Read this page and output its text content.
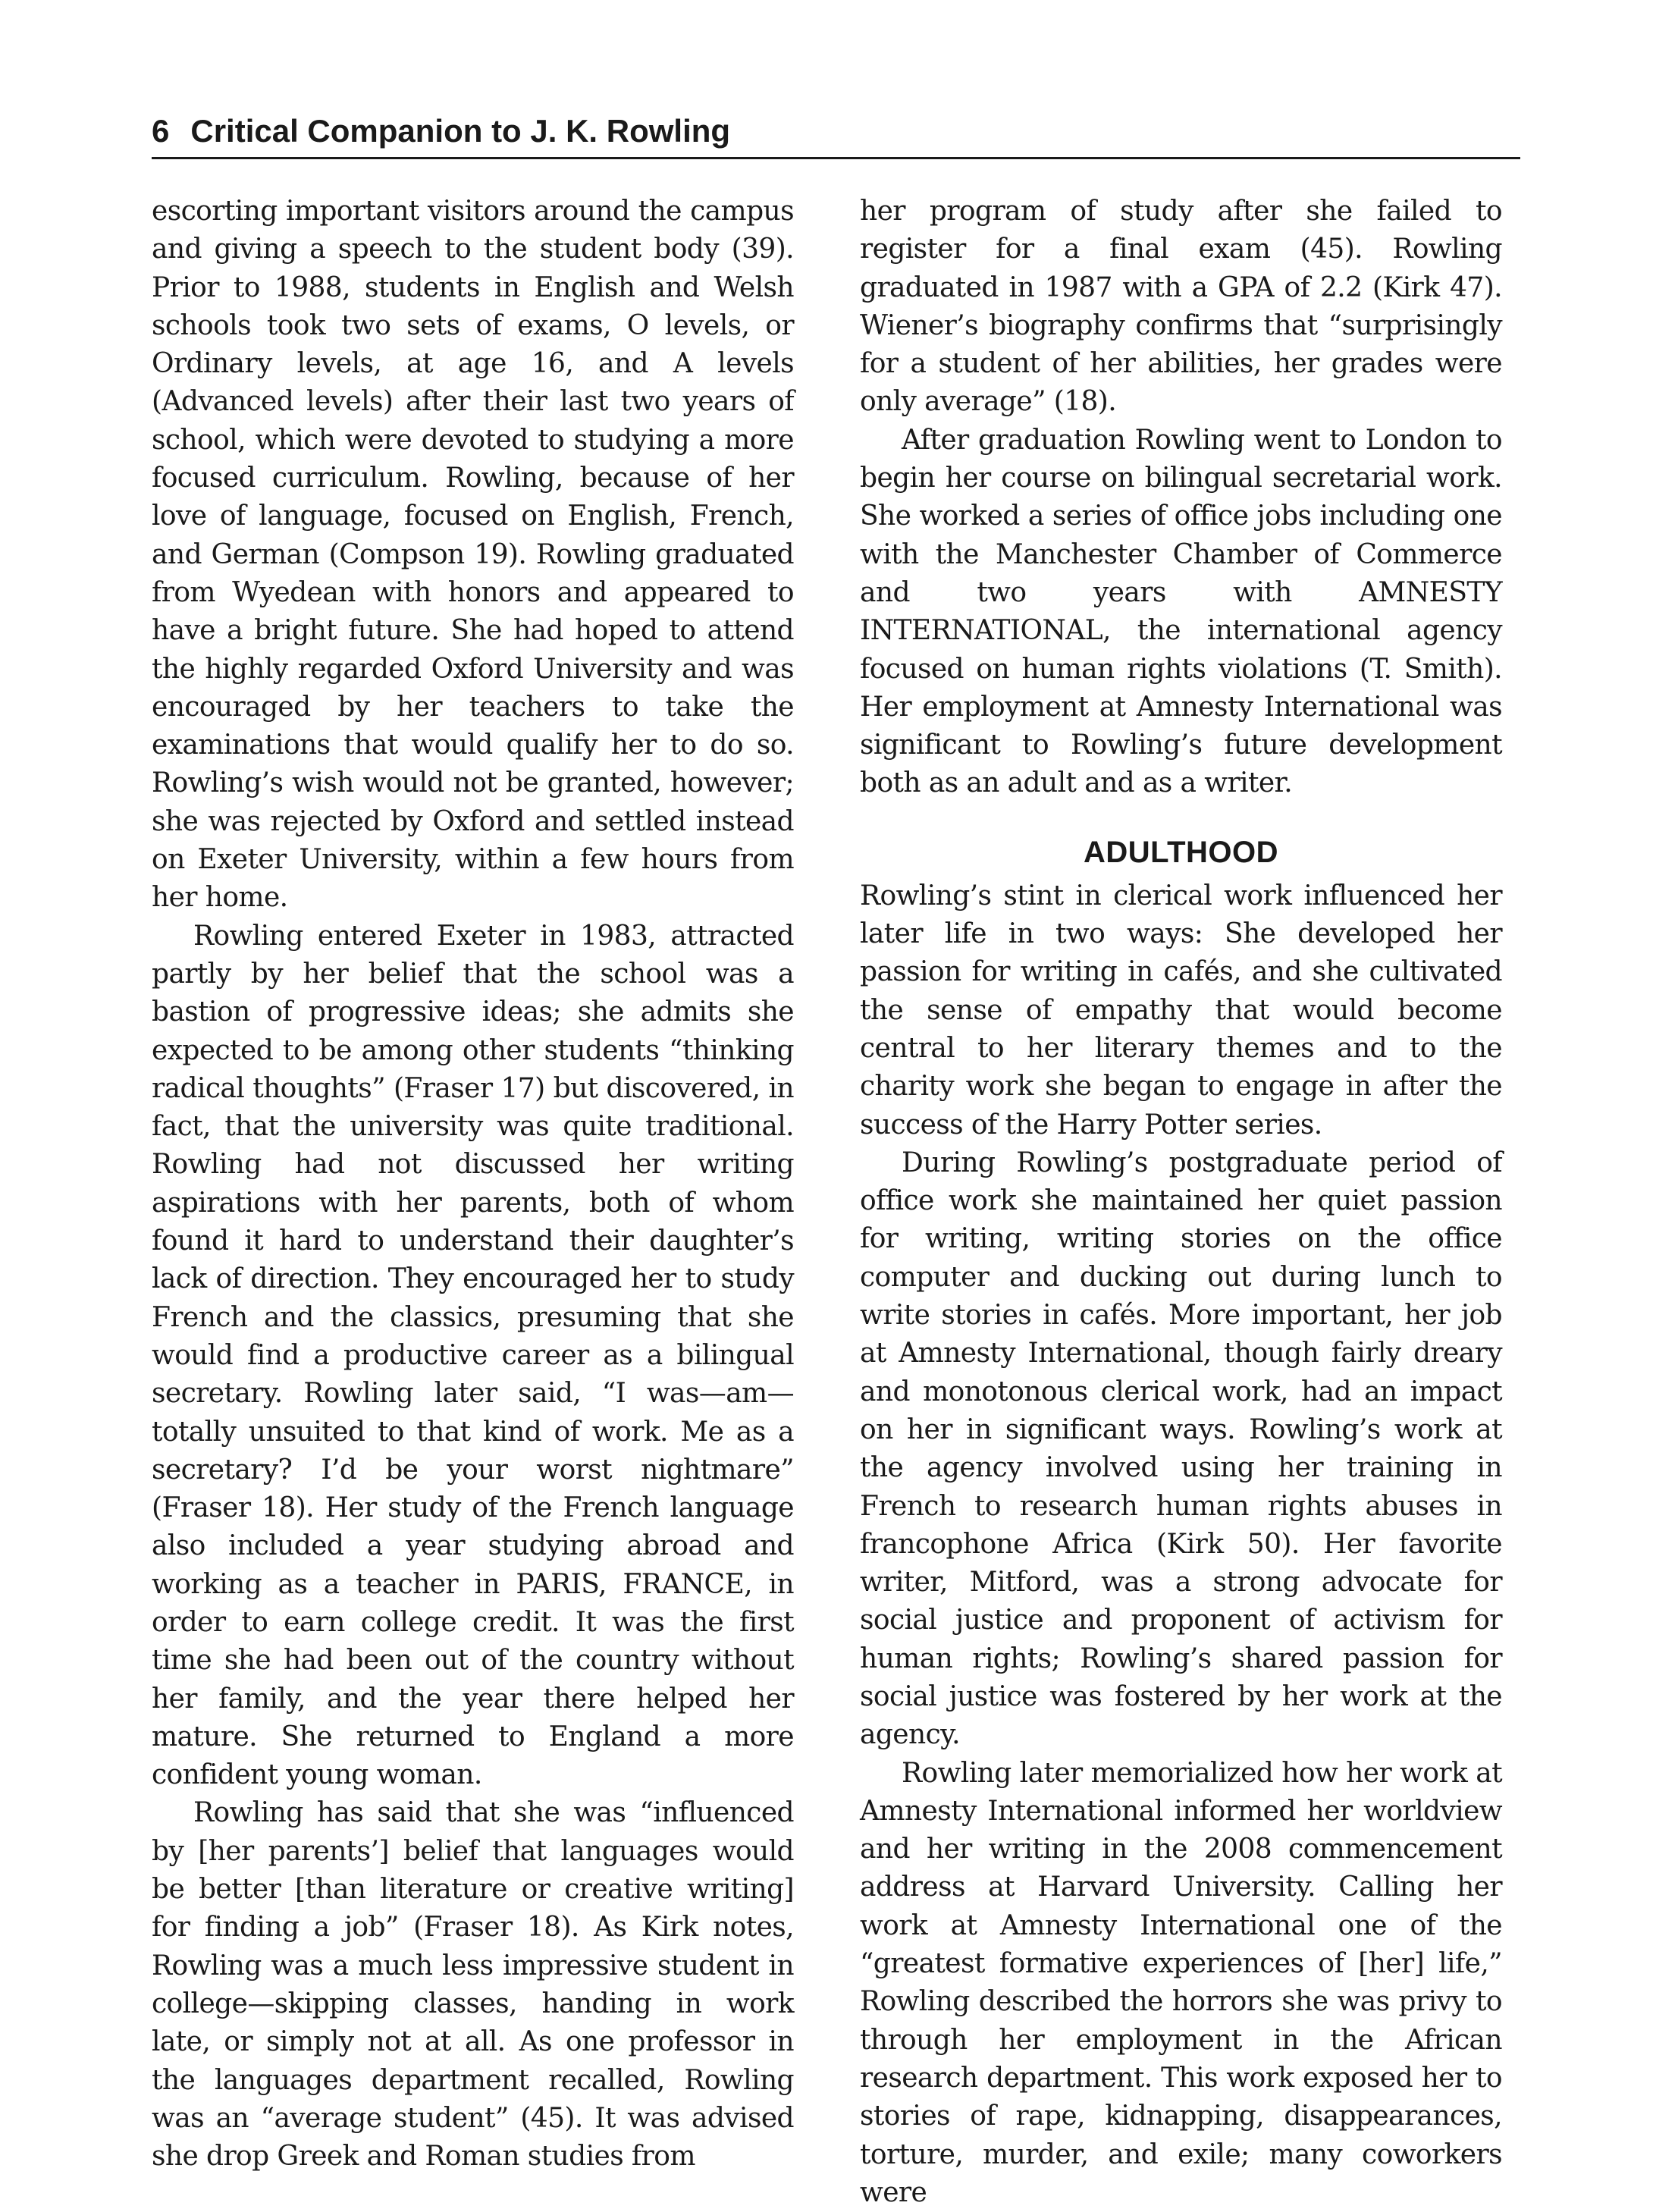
6 Critical Companion to J. K. Rowling

escorting important visitors around the campus and giving a speech to the student body (39). Prior to 1988, students in English and Welsh schools took two sets of exams, O levels, or Ordinary levels, at age 16, and A levels (Advanced levels) after their last two years of school, which were devoted to studying a more focused curriculum. Rowling, because of her love of language, focused on English, French, and German (Compson 19). Rowling graduated from Wyedean with honors and appeared to have a bright future. She had hoped to attend the highly regarded Oxford University and was encouraged by her teachers to take the examinations that would qualify her to do so. Rowling’s wish would not be granted, however; she was rejected by Oxford and settled instead on Exeter University, within a few hours from her home.

Rowling entered Exeter in 1983, attracted partly by her belief that the school was a bastion of progressive ideas; she admits she expected to be among other students “thinking radical thoughts” (Fraser 17) but discovered, in fact, that the university was quite traditional. Rowling had not discussed her writing aspirations with her parents, both of whom found it hard to understand their daughter’s lack of direction. They encouraged her to study French and the classics, presuming that she would find a productive career as a bilingual secretary. Rowling later said, “I was—am—totally unsuited to that kind of work. Me as a secretary? I’d be your worst nightmare” (Fraser 18). Her study of the French language also included a year studying abroad and working as a teacher in PARIS, FRANCE, in order to earn college credit. It was the first time she had been out of the country without her family, and the year there helped her mature. She returned to England a more confident young woman.

Rowling has said that she was “influenced by [her parents’] belief that languages would be better [than literature or creative writing] for finding a job” (Fraser 18). As Kirk notes, Rowling was a much less impressive student in college—skipping classes, handing in work late, or simply not at all. As one professor in the languages department recalled, Rowling was an “average student” (45). It was advised she drop Greek and Roman studies from

her program of study after she failed to register for a final exam (45). Rowling graduated in 1987 with a GPA of 2.2 (Kirk 47). Wiener’s biography confirms that “surprisingly for a student of her abilities, her grades were only average” (18).

After graduation Rowling went to London to begin her course on bilingual secretarial work. She worked a series of office jobs including one with the Manchester Chamber of Commerce and two years with AMNESTY INTERNATIONAL, the international agency focused on human rights violations (T. Smith). Her employment at Amnesty International was significant to Rowling’s future development both as an adult and as a writer.

ADULTHOOD

Rowling’s stint in clerical work influenced her later life in two ways: She developed her passion for writing in cafés, and she cultivated the sense of empathy that would become central to her literary themes and to the charity work she began to engage in after the success of the Harry Potter series.

During Rowling’s postgraduate period of office work she maintained her quiet passion for writing, writing stories on the office computer and ducking out during lunch to write stories in cafés. More important, her job at Amnesty International, though fairly dreary and monotonous clerical work, had an impact on her in significant ways. Rowling’s work at the agency involved using her training in French to research human rights abuses in francophone Africa (Kirk 50). Her favorite writer, Mitford, was a strong advocate for social justice and proponent of activism for human rights; Rowling’s shared passion for social justice was fostered by her work at the agency.

Rowling later memorialized how her work at Amnesty International informed her worldview and her writing in the 2008 commencement address at Harvard University. Calling her work at Amnesty International one of the “greatest formative experiences of [her] life,” Rowling described the horrors she was privy to through her employment in the African research department. This work exposed her to stories of rape, kidnapping, disappearances, torture, murder, and exile; many coworkers were
